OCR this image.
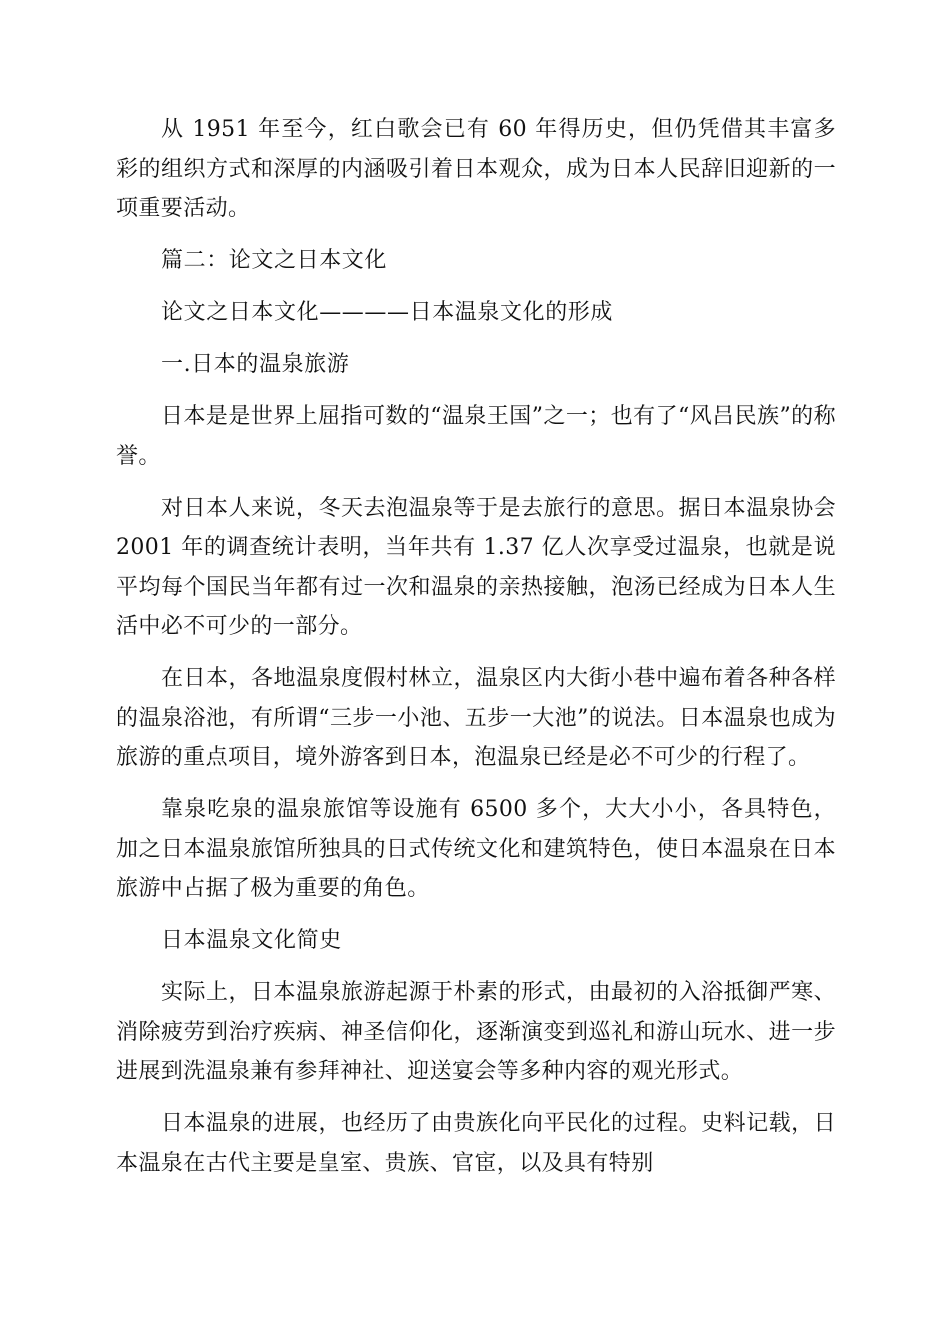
从 1951 年至今，红白歌会已有 60 年得历史，但仍凭借其丰富多彩的组织方式和深厚的内涵吸引着日本观众，成为日本人民辞旧迎新的一项重要活动。

篇二：论文之日本文化

论文之日本文化————日本温泉文化的形成

一.日本的温泉旅游

日本是是世界上屈指可数的“温泉王国”之一；也有了“风吕民族”的称誉。

对日本人来说，冬天去泡温泉等于是去旅行的意思。据日本温泉协会 2001 年的调查统计表明，当年共有 1.37 亿人次享受过温泉，也就是说平均每个国民当年都有过一次和温泉的亲热接触，泡汤已经成为日本人生活中必不可少的一部分。

在日本，各地温泉度假村林立，温泉区内大街小巷中遍布着各种各样的温泉浴池，有所谓“三步一小池、五步一大池”的说法。日本温泉也成为旅游的重点项目，境外游客到日本，泡温泉已经是必不可少的行程了。

靠泉吃泉的温泉旅馆等设施有 6500 多个，大大小小，各具特色，加之日本温泉旅馆所独具的日式传统文化和建筑特色，使日本温泉在日本旅游中占据了极为重要的角色。

日本温泉文化简史

实际上，日本温泉旅游起源于朴素的形式，由最初的入浴抵御严寒、消除疲劳到治疗疾病、神圣信仰化，逐渐演变到巡礼和游山玩水、进一步进展到洗温泉兼有参拜神社、迎送宴会等多种内容的观光形式。

日本温泉的进展，也经历了由贵族化向平民化的过程。史料记载，日本温泉在古代主要是皇室、贵族、官宦，以及具有特别
